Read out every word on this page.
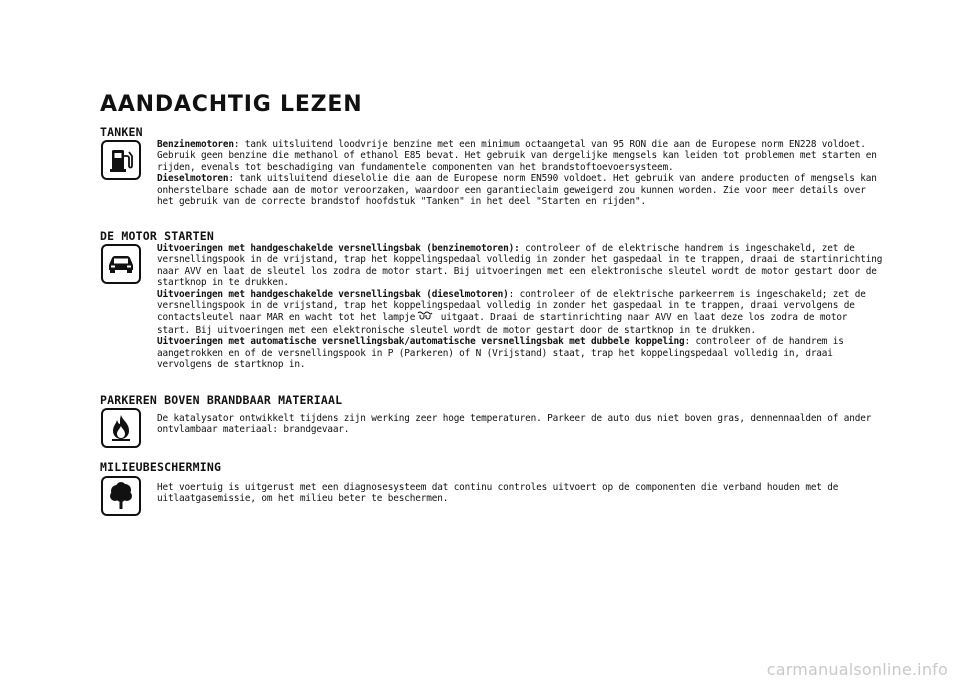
AANDACHTIG LEZEN
TANKEN

Benzinemotoren: tank uitsluitend loodvrije benzine met een minimum octaangetal van 95 RON die aan de Europese norm EN228 voldoet. Gebruik geen benzine die methanol of ethanol E85 bevat. Het gebruik van dergelijke mengsels kan leiden tot problemen met starten en rijden, evenals tot beschadiging van fundamentele componenten van het brandstoftoevoersysteem.

Dieselmotoren: tank uitsluitend dieselolie die aan de Europese norm EN590 voldoet. Het gebruik van andere producten of mengsels kan onherstelbare schade aan de motor veroorzaken, waardoor een garantieclaim geweigerd zou kunnen worden. Zie voor meer details over het gebruik van de correcte brandstof hoofdstuk "Tanken" in het deel "Starten en rijden".

DE MOTOR STARTEN

Uitvoeringen met handgeschakelde versnellingsbak (benzinemotoren): controleer of de elektrische handrem is ingeschakeld, zet de versnellingspook in de vrijstand, trap het koppelingspedaal volledig in zonder het gaspedaal in te trappen, draai de startinrichting naar AVV en laat de sleutel los zodra de motor start. Bij uitvoeringen met een elektronische sleutel wordt de motor gestart door de startknop in te drukken.

Uitvoeringen met handgeschakelde versnellingsbak (dieselmotoren): controleer of de elektrische parkeerrem is ingeschakeld; zet de versnellingspook in de vrijstand, trap het koppelingspedaal volledig in zonder het gaspedaal in te trappen, draai vervolgens de contactsleutel naar MAR en wacht tot het lampje uitgaat. Draai de startinrichting naar AVV en laat deze los zodra de motor start. Bij uitvoeringen met een elektronische sleutel wordt de motor gestart door de startknop in te drukken.

Uitvoeringen met automatische versnellingsbak/automatische versnellingsbak met dubbele koppeling: controleer of de handrem is aangetrokken en of de versnellingspook in P (Parkeren) of N (Vrijstand) staat, trap het koppelingspedaal volledig in, draai vervolgens de startknop in.

PARKEREN BOVEN BRANDBAAR MATERIAAL

De katalysator ontwikkelt tijdens zijn werking zeer hoge temperaturen. Parkeer de auto dus niet boven gras, dennennaalden of ander ontvlambaar materiaal: brandgevaar.

MILIEUBESCHERMING

Het voertuig is uitgerust met een diagnosesysteem dat continu controles uitvoert op de componenten die verband houden met de uitlaatgasemissie, om het milieu beter te beschermen.

carmanualsonline.info
